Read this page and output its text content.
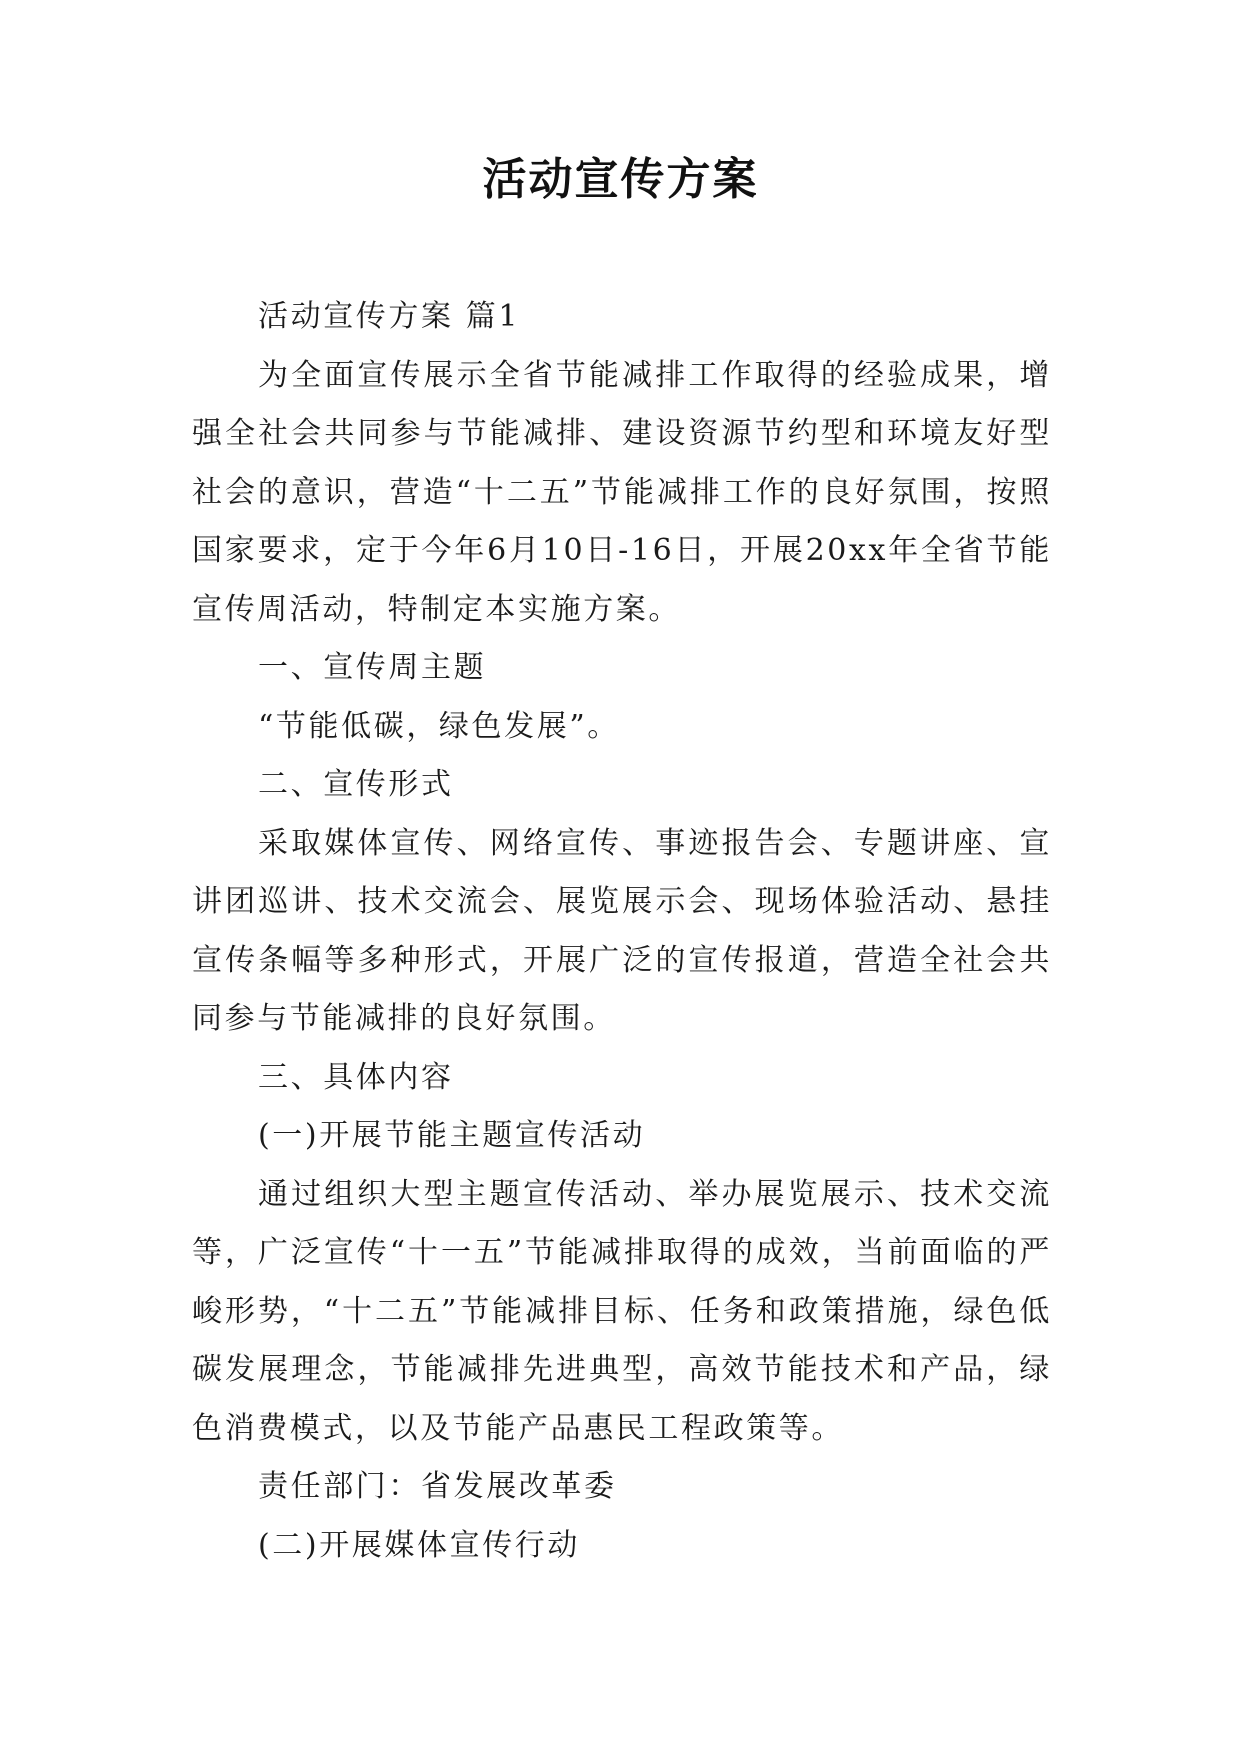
活动宣传方案

活动宣传方案 篇1

为全面宣传展示全省节能减排工作取得的经验成果，增强全社会共同参与节能减排、建设资源节约型和环境友好型社会的意识，营造“十二五”节能减排工作的良好氛围，按照国家要求，定于今年6月10日-16日，开展20xx年全省节能宣传周活动，特制定本实施方案。

一、宣传周主题

“节能低碳，绿色发展”。

二、宣传形式

采取媒体宣传、网络宣传、事迹报告会、专题讲座、宣讲团巡讲、技术交流会、展览展示会、现场体验活动、悬挂宣传条幅等多种形式，开展广泛的宣传报道，营造全社会共同参与节能减排的良好氛围。

三、具体内容

(一)开展节能主题宣传活动

通过组织大型主题宣传活动、举办展览展示、技术交流等，广泛宣传“十一五”节能减排取得的成效，当前面临的严峻形势，“十二五”节能减排目标、任务和政策措施，绿色低碳发展理念，节能减排先进典型，高效节能技术和产品，绿色消费模式，以及节能产品惠民工程政策等。

责任部门：省发展改革委

(二)开展媒体宣传行动
